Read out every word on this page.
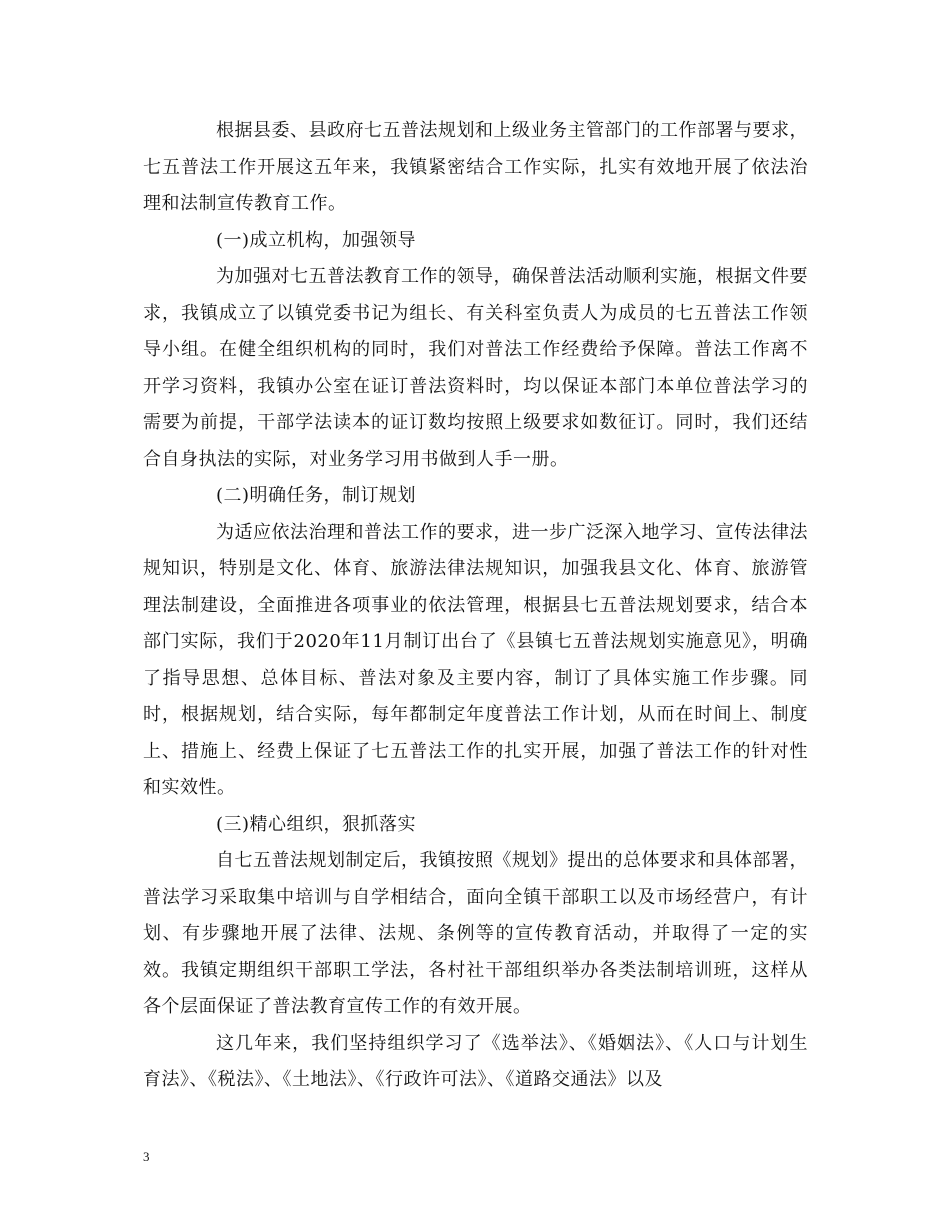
根据县委、县政府七五普法规划和上级业务主管部门的工作部署与要求，七五普法工作开展这五年来，我镇紧密结合工作实际，扎实有效地开展了依法治理和法制宣传教育工作。

(一)成立机构，加强领导

为加强对七五普法教育工作的领导，确保普法活动顺利实施，根据文件要求，我镇成立了以镇党委书记为组长、有关科室负责人为成员的七五普法工作领导小组。在健全组织机构的同时，我们对普法工作经费给予保障。普法工作离不开学习资料，我镇办公室在证订普法资料时，均以保证本部门本单位普法学习的需要为前提，干部学法读本的证订数均按照上级要求如数征订。同时，我们还结合自身执法的实际，对业务学习用书做到人手一册。

(二)明确任务，制订规划

为适应依法治理和普法工作的要求，进一步广泛深入地学习、宣传法律法规知识，特别是文化、体育、旅游法律法规知识，加强我县文化、体育、旅游管理法制建设，全面推进各项事业的依法管理，根据县七五普法规划要求，结合本部门实际，我们于2020年11月制订出台了《县镇七五普法规划实施意见》，明确了指导思想、总体目标、普法对象及主要内容，制订了具体实施工作步骤。同时，根据规划，结合实际，每年都制定年度普法工作计划，从而在时间上、制度上、措施上、经费上保证了七五普法工作的扎实开展，加强了普法工作的针对性和实效性。

(三)精心组织，狠抓落实

自七五普法规划制定后，我镇按照《规划》提出的总体要求和具体部署，普法学习采取集中培训与自学相结合，面向全镇干部职工以及市场经营户，有计划、有步骤地开展了法律、法规、条例等的宣传教育活动，并取得了一定的实效。我镇定期组织干部职工学法，各村社干部组织举办各类法制培训班，这样从各个层面保证了普法教育宣传工作的有效开展。

这几年来，我们坚持组织学习了《选举法》、《婚姻法》、《人口与计划生育法》、《税法》、《土地法》、《行政许可法》、《道路交通法》以及

3
